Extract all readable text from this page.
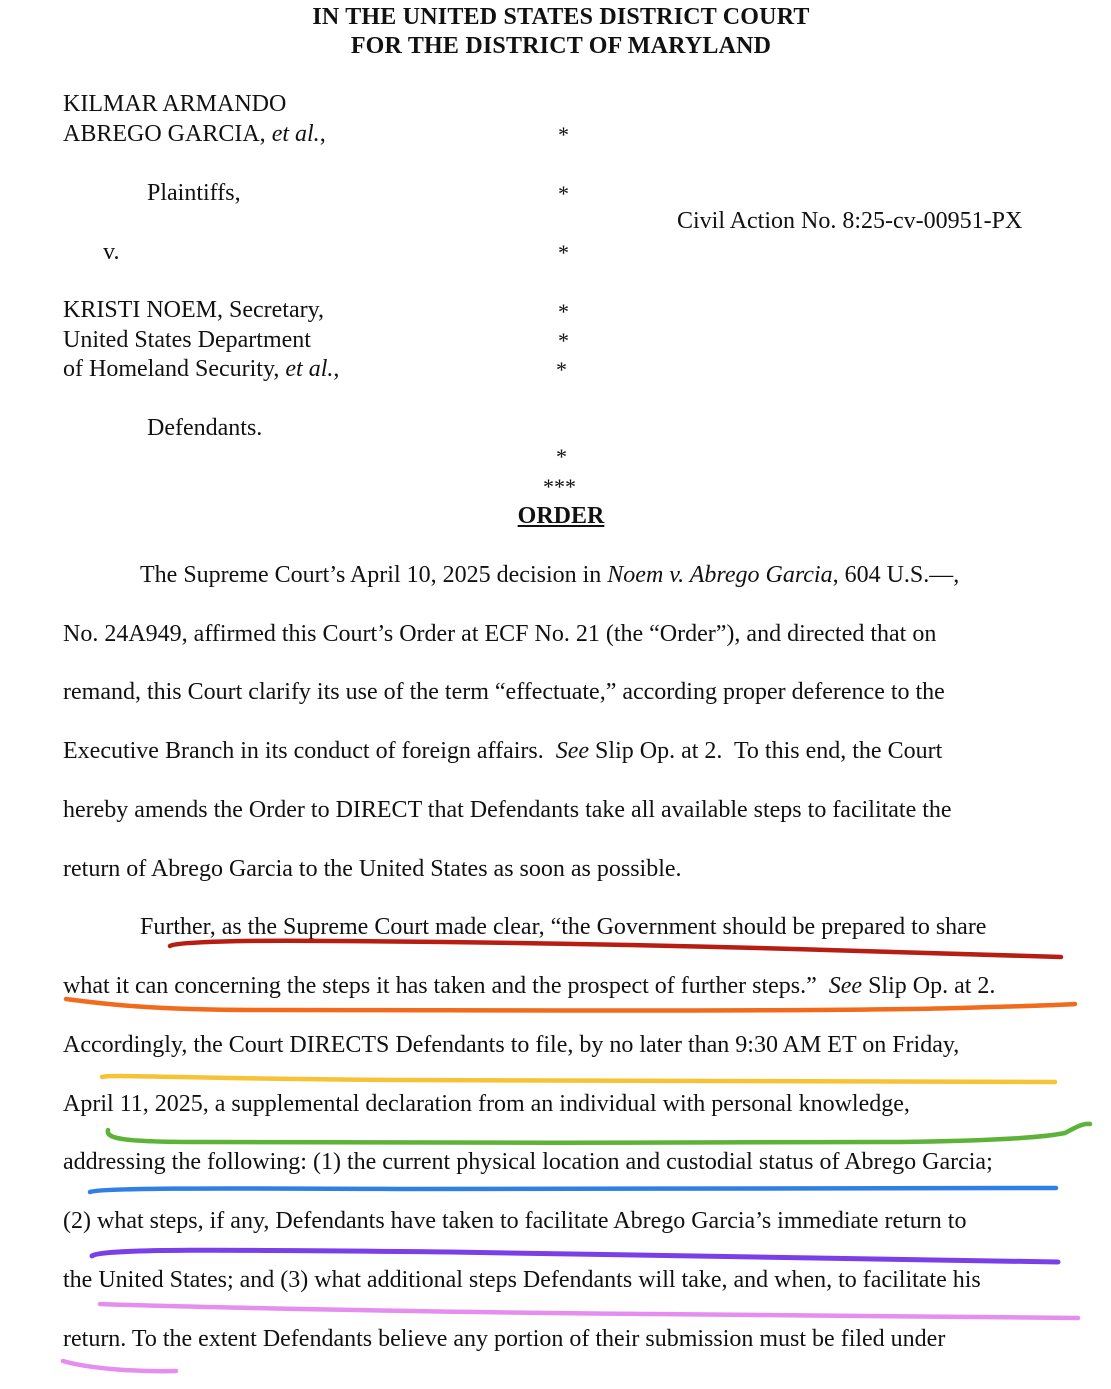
IN THE UNITED STATES DISTRICT COURT
FOR THE DISTRICT OF MARYLAND
KILMAR ARMANDO
ABREGO GARCIA, et al.,
Plaintiffs,
v.
KRISTI NOEM, Secretary,
United States Department
of Homeland Security, et al.,
Defendants.
*
*
*
*
*
*
*
***
Civil Action No. 8:25-cv-00951-PX
ORDER
The Supreme Court’s April 10, 2025 decision in Noem v. Abrego Garcia, 604 U.S.––,
No. 24A949, affirmed this Court’s Order at ECF No. 21 (the “Order”), and directed that on
remand, this Court clarify its use of the term “effectuate,” according proper deference to the
Executive Branch in its conduct of foreign affairs.  See Slip Op. at 2.  To this end, the Court
hereby amends the Order to DIRECT that Defendants take all available steps to facilitate the
return of Abrego Garcia to the United States as soon as possible.
Further, as the Supreme Court made clear, “the Government should be prepared to share
what it can concerning the steps it has taken and the prospect of further steps.”  See Slip Op. at 2.
Accordingly, the Court DIRECTS Defendants to file, by no later than 9:30 AM ET on Friday,
April 11, 2025, a supplemental declaration from an individual with personal knowledge,
addressing the following: (1) the current physical location and custodial status of Abrego Garcia;
(2) what steps, if any, Defendants have taken to facilitate Abrego Garcia’s immediate return to
the United States; and (3) what additional steps Defendants will take, and when, to facilitate his
return. To the extent Defendants believe any portion of their submission must be filed under
